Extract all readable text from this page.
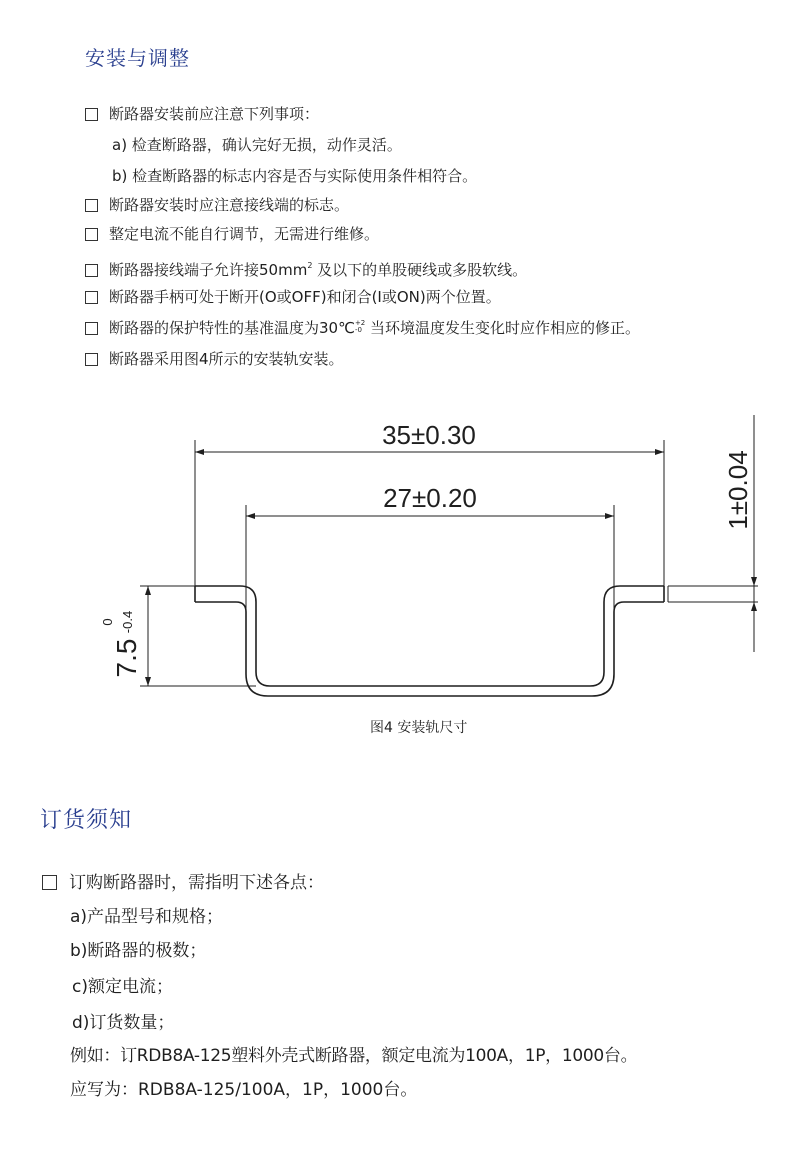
安装与调整
断路器安装前应注意下列事项：
a) 检查断路器，确认完好无损，动作灵活。
b) 检查断路器的标志内容是否与实际使用条件相符合。
断路器安装时应注意接线端的标志。
整定电流不能自行调节，无需进行维修。
断路器接线端子允许接$50mm^2$ 及以下的单股硬线或多股软线。
断路器手柄可处于断开(O或OFF)和闭合(I或ON)两个位置。
断路器的保护特性的基准温度为30℃ +2
-0 当环境温度发生变化时应作相应的修正。
断路器采用图4所示的安装轨安装。
35±0.30
27±0.20	1±0.04
7.5
0 -0.4
图4 安装轨尺寸
订货须知
订购断路器时，需指明下述各点：
a)产品型号和规格；
b)断路器的极数；
c)额定电流；
d)订货数量；
例如：订RDB8A-125塑料外壳式断路器，额定电流为100A，1P，1000台。
应写为：RDB8A-125/100A，1P，1000台。
